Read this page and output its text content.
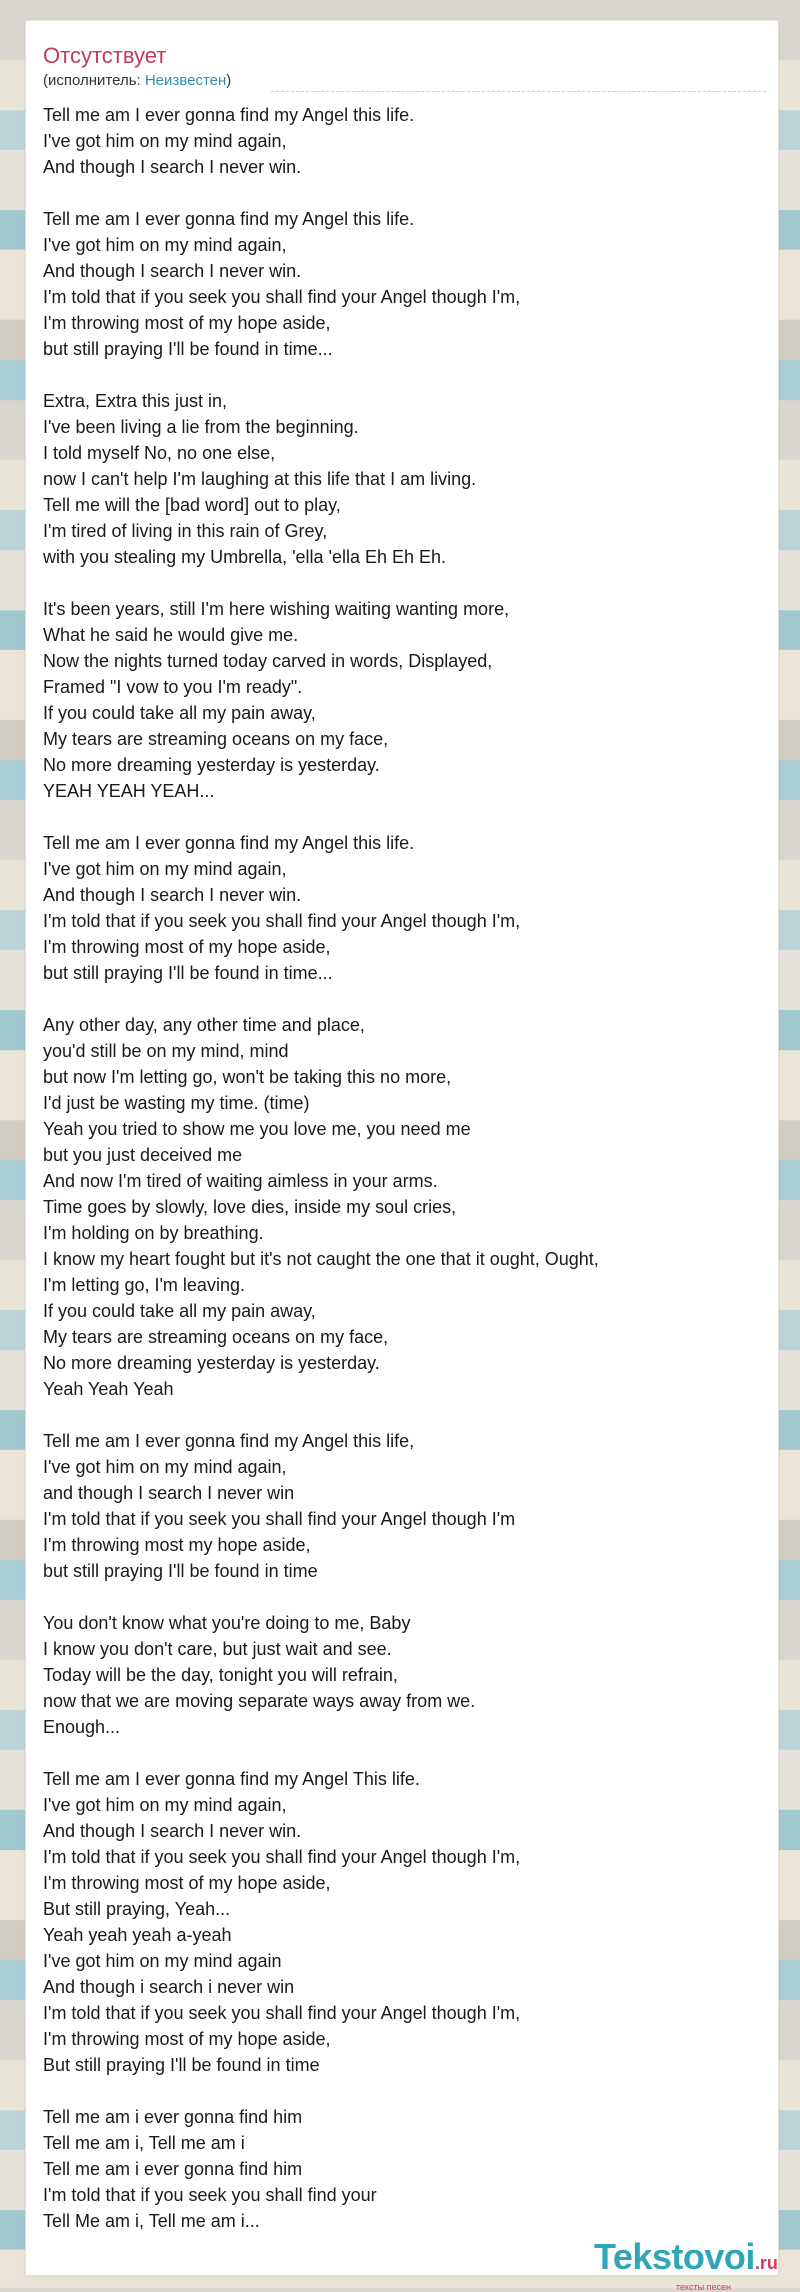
Отсутствует
(исполнитель: Неизвестен)
Tell me am I ever gonna find my Angel this life.
I've got him on my mind again,
And though I search I never win.
Tell me am I ever gonna find my Angel this life.
I've got him on my mind again,
And though I search I never win.
I'm told that if you seek you shall find your Angel though I'm,
I'm throwing most of my hope aside,
but still praying I'll be found in time...
Extra, Extra this just in,
I've been living a lie from the beginning.
I told myself No, no one else,
now I can't help I'm laughing at this life that I am living.
Tell me will the [bad word] out to play,
I'm tired of living in this rain of Grey,
with you stealing my Umbrella, 'ella 'ella Eh Eh Eh.
It's been years, still I'm here wishing waiting wanting more,
What he said he would give me.
Now the nights turned today carved in words, Displayed,
Framed "I vow to you I'm ready".
If you could take all my pain away,
My tears are streaming oceans on my face,
No more dreaming yesterday is yesterday.
YEAH YEAH YEAH...
Tell me am I ever gonna find my Angel this life.
I've got him on my mind again,
And though I search I never win.
I'm told that if you seek you shall find your Angel though I'm,
I'm throwing most of my hope aside,
but still praying I'll be found in time...
Any other day, any other time and place,
you'd still be on my mind, mind
but now I'm letting go, won't be taking this no more,
I'd just be wasting my time. (time)
Yeah you tried to show me you love me, you need me
but you just deceived me
And now I'm tired of waiting aimless in your arms.
Time goes by slowly, love dies, inside my soul cries,
I'm holding on by breathing.
I know my heart fought but it's not caught the one that it ought, Ought,
I'm letting go, I'm leaving.
If you could take all my pain away,
My tears are streaming oceans on my face,
No more dreaming yesterday is yesterday.
Yeah Yeah Yeah
Tell me am I ever gonna find my Angel this life,
I've got him on my mind again,
and though I search I never win
I'm told that if you seek you shall find your Angel though I'm
I'm throwing most my hope aside,
but still praying I'll be found in time
You don't know what you're doing to me, Baby
I know you don't care, but just wait and see.
Today will be the day, tonight you will refrain,
now that we are moving separate ways away from we.
Enough...
Tell me am I ever gonna find my Angel This life.
I've got him on my mind again,
And though I search I never win.
I'm told that if you seek you shall find your Angel though I'm,
I'm throwing most of my hope aside,
But still praying, Yeah...
Yeah yeah yeah a-yeah
I've got him on my mind again
And though i search i never win
I'm told that if you seek you shall find your Angel though I'm,
I'm throwing most of my hope aside,
But still praying I'll be found in time
Tell me am i ever gonna find him
Tell me am i, Tell me am i
Tell me am i ever gonna find him
I'm told that if you seek you shall find your
Tell Me am i, Tell me am i...
Tekstovoi.ru
тексты песен
